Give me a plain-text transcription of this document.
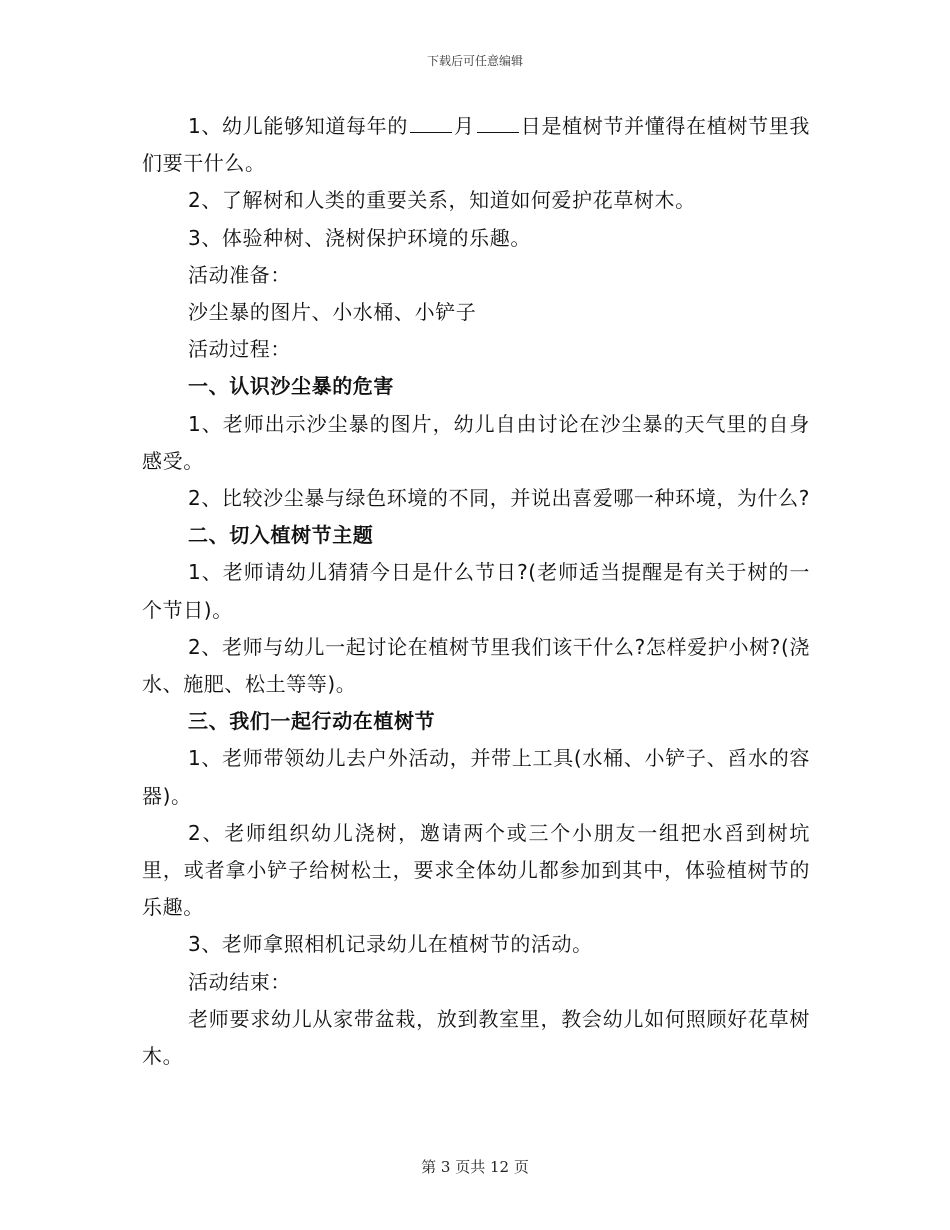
下载后可任意编辑

1、幼儿能够知道每年的 月 日是植树节并懂得在植树节里我们要干什么。

2、了解树和人类的重要关系，知道如何爱护花草树木。

3、体验种树、浇树保护环境的乐趣。

活动准备：

沙尘暴的图片、小水桶、小铲子

活动过程：

一、认识沙尘暴的危害

1、老师出示沙尘暴的图片，幼儿自由讨论在沙尘暴的天气里的自身感受。

2、比较沙尘暴与绿色环境的不同，并说出喜爱哪一种环境，为什么?

二、切入植树节主题

1、老师请幼儿猜猜今日是什么节日?(老师适当提醒是有关于树的一个节日)。

2、老师与幼儿一起讨论在植树节里我们该干什么?怎样爱护小树?(浇水、施肥、松土等等)。

三、我们一起行动在植树节

1、老师带领幼儿去户外活动，并带上工具(水桶、小铲子、舀水的容器)。

2、老师组织幼儿浇树，邀请两个或三个小朋友一组把水舀到树坑里，或者拿小铲子给树松土，要求全体幼儿都参加到其中，体验植树节的乐趣。

3、老师拿照相机记录幼儿在植树节的活动。

活动结束：

老师要求幼儿从家带盆栽，放到教室里，教会幼儿如何照顾好花草树木。

第 3 页共 12 页
